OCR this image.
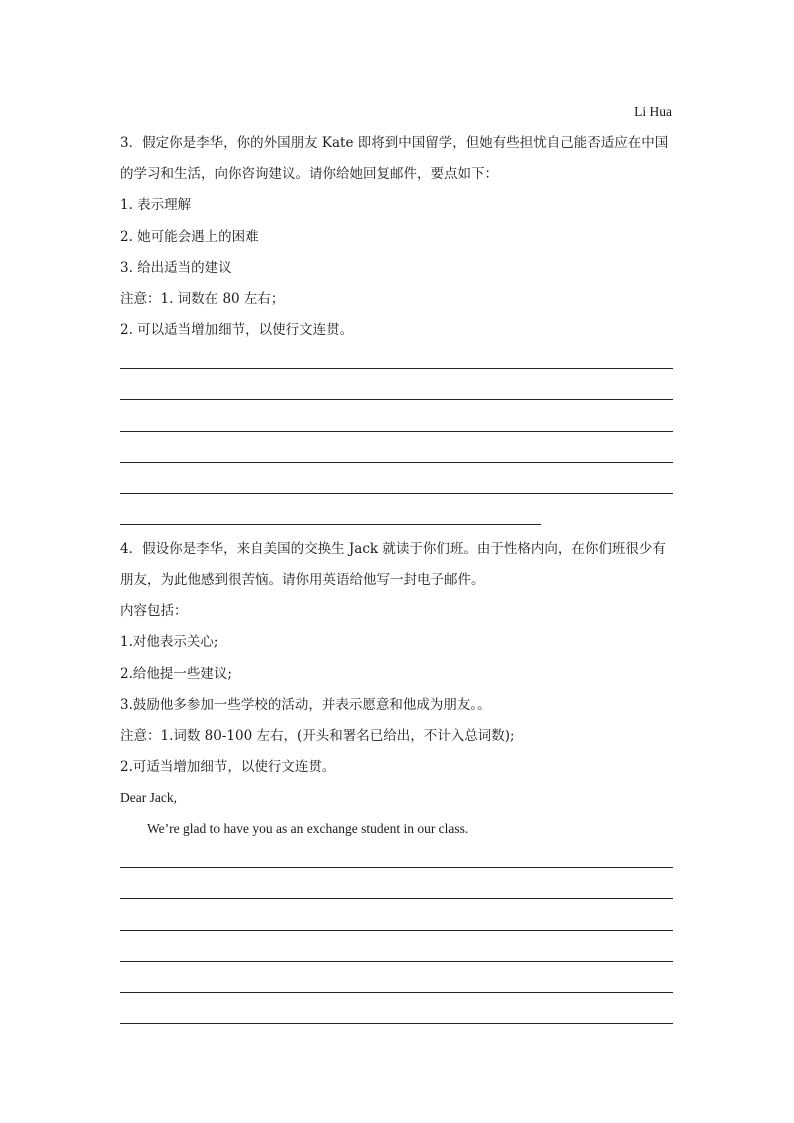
Li Hua
3．假定你是李华，你的外国朋友 Kate 即将到中国留学，但她有些担忧自己能否适应在中国
的学习和生活，向你咨询建议。请你给她回复邮件，要点如下：
1. 表示理解
2. 她可能会遇上的困难
3. 给出适当的建议
注意：1. 词数在 80 左右；
2. 可以适当增加细节，以使行文连贯。
4．假设你是李华，来自美国的交换生 Jack 就读于你们班。由于性格内向，在你们班很少有
朋友，为此他感到很苦恼。请你用英语给他写一封电子邮件。
内容包括：
1.对他表示关心;
2.给他提一些建议;
3.鼓励他多参加一些学校的活动，并表示愿意和他成为朋友。。
注意：1.词数 80-100 左右，(开头和署名已给出，不计入总词数);
2.可适当增加细节，以使行文连贯。
Dear Jack,
We’re glad to have you as an exchange student in our class.
